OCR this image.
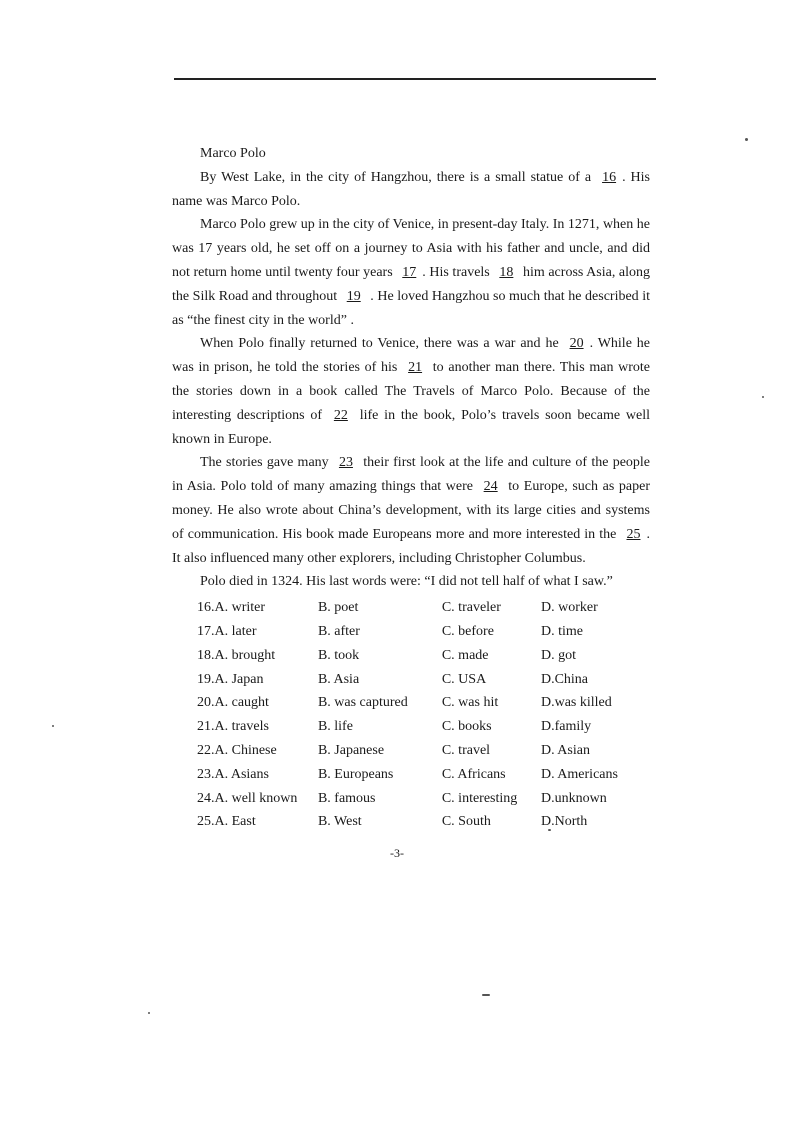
Marco Polo

By West Lake, in the city of Hangzhou, there is a small statue of a 16 . His name was Marco Polo.

Marco Polo grew up in the city of Venice, in present-day Italy. In 1271, when he was 17 years old, he set off on a journey to Asia with his father and uncle, and did not return home until twenty four years 17 . His travels 18 him across Asia, along the Silk Road and throughout 19 . He loved Hangzhou so much that he described it as “the finest city in the world” .

When Polo finally returned to Venice, there was a war and he 20 . While he was in prison, he told the stories of his 21 to another man there. This man wrote the stories down in a book called The Travels of Marco Polo. Because of the interesting descriptions of 22 life in the book, Polo’s travels soon became well known in Europe.

The stories gave many 23 their first look at the life and culture of the people in Asia. Polo told of many amazing things that were 24 to Europe, such as paper money. He also wrote about China’s development, with its large cities and systems of communication. His book made Europeans more and more interested in the 25 . It also influenced many other explorers, including Christopher Columbus.

Polo died in 1324. His last words were: “I did not tell half of what I saw.”

16.A. writer	B. poet	C. traveler	D. worker
17.A. later	B. after	C. before	D. time
18.A. brought	B. took	C. made	D. got
19.A. Japan	B. Asia	C. USA	D.China
20.A. caught	B. was captured	C. was hit	D.was killed
21.A. travels	B. life	C. books	D.family
22.A. Chinese	B. Japanese	C. travel	D. Asian
23.A. Asians	B. Europeans	C. Africans	D. Americans
24.A. well known	B. famous	C. interesting	D.unknown
25.A. East	B. West	C. South	D.North
-3-
